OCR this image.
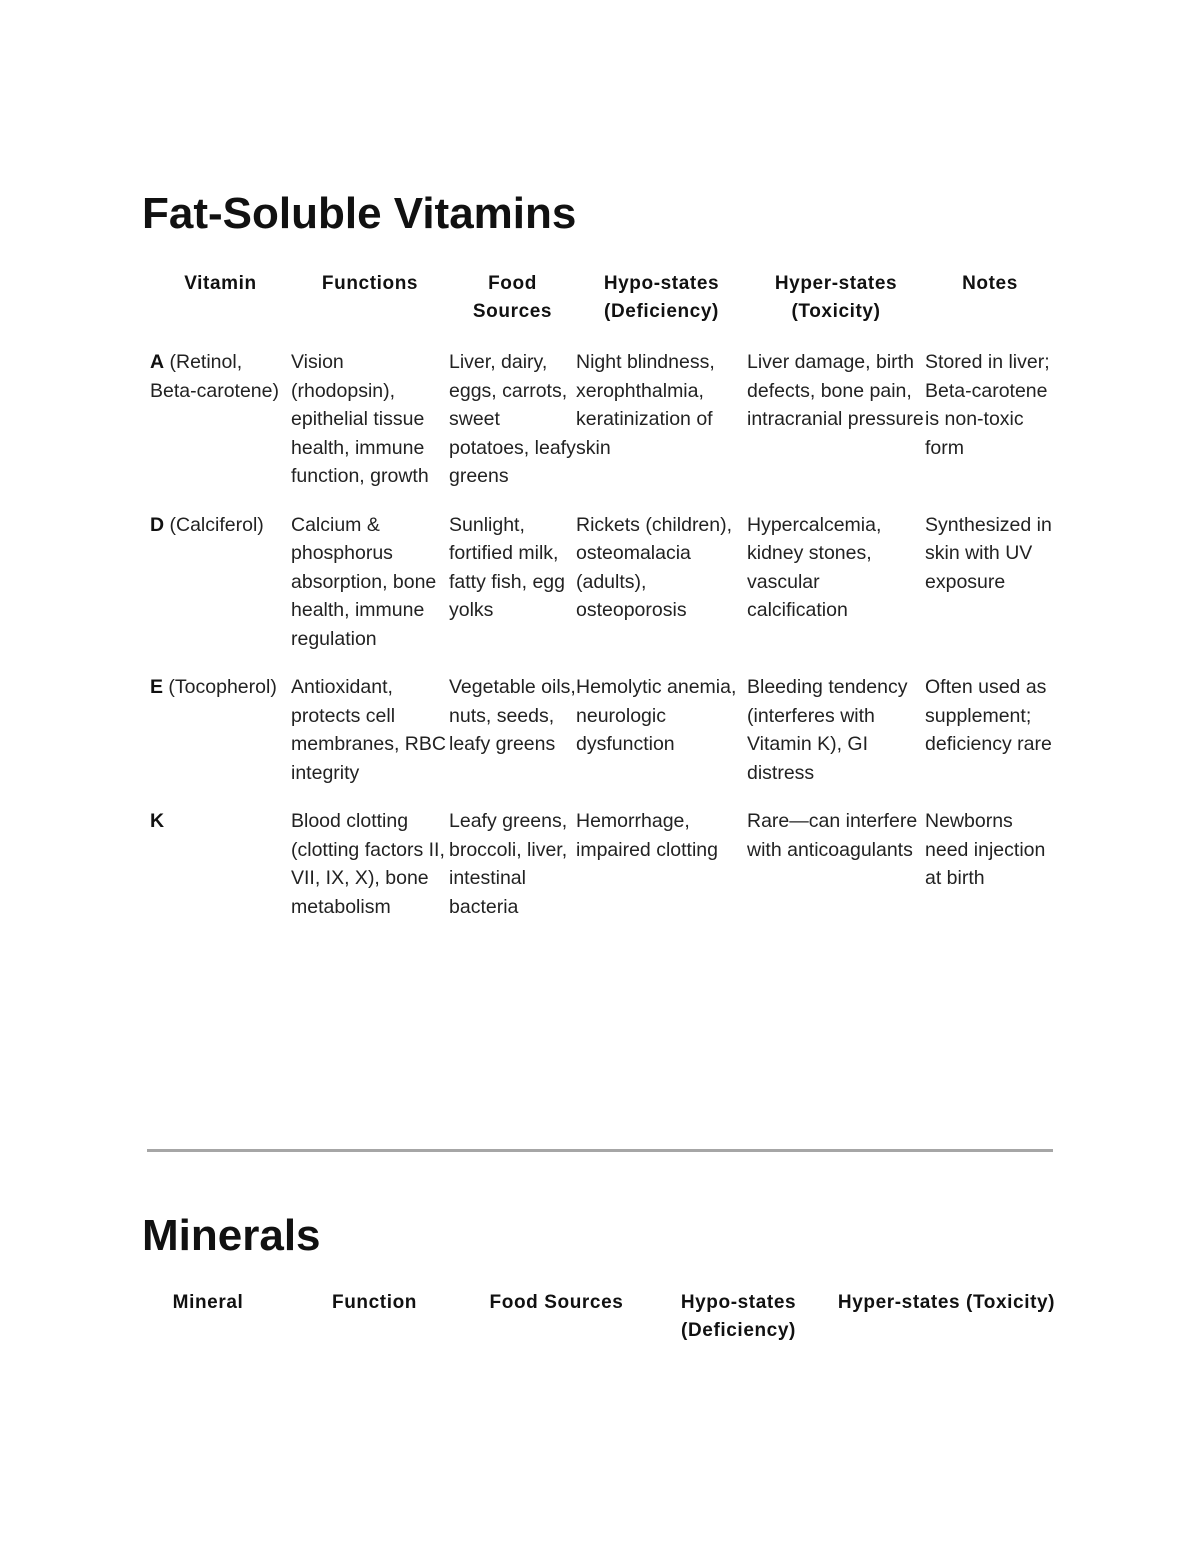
Fat-Soluble Vitamins
Vitamin	Functions	Food Sources	Hypo-states (Deficiency)	Hyper-states (Toxicity)	Notes
A (Retinol, Beta-carotene)	Vision (rhodopsin), epithelial tissue health, immune function, growth	Liver, dairy, eggs, carrots, sweet potatoes, leafy greens	Night blindness, xerophthalmia, keratinization of skin	Liver damage, birth defects, bone pain, intracranial pressure	Stored in liver; Beta-carotene is non-toxic form
D (Calciferol)	Calcium & phosphorus absorption, bone health, immune regulation	Sunlight, fortified milk, fatty fish, egg yolks	Rickets (children), osteomalacia (adults), osteoporosis	Hypercalcemia, kidney stones, vascular calcification	Synthesized in skin with UV exposure
E (Tocopherol)	Antioxidant, protects cell membranes, RBC integrity	Vegetable oils, nuts, seeds, leafy greens	Hemolytic anemia, neurologic dysfunction	Bleeding tendency (interferes with Vitamin K), GI distress	Often used as supplement; deficiency rare
K	Blood clotting (clotting factors II, VII, IX, X), bone metabolism	Leafy greens, broccoli, liver, intestinal bacteria	Hemorrhage, impaired clotting	Rare—can interfere with anticoagulants	Newborns need injection at birth
Minerals
Mineral	Function	Food Sources	Hypo-states (Deficiency)	Hyper-states (Toxicity)
